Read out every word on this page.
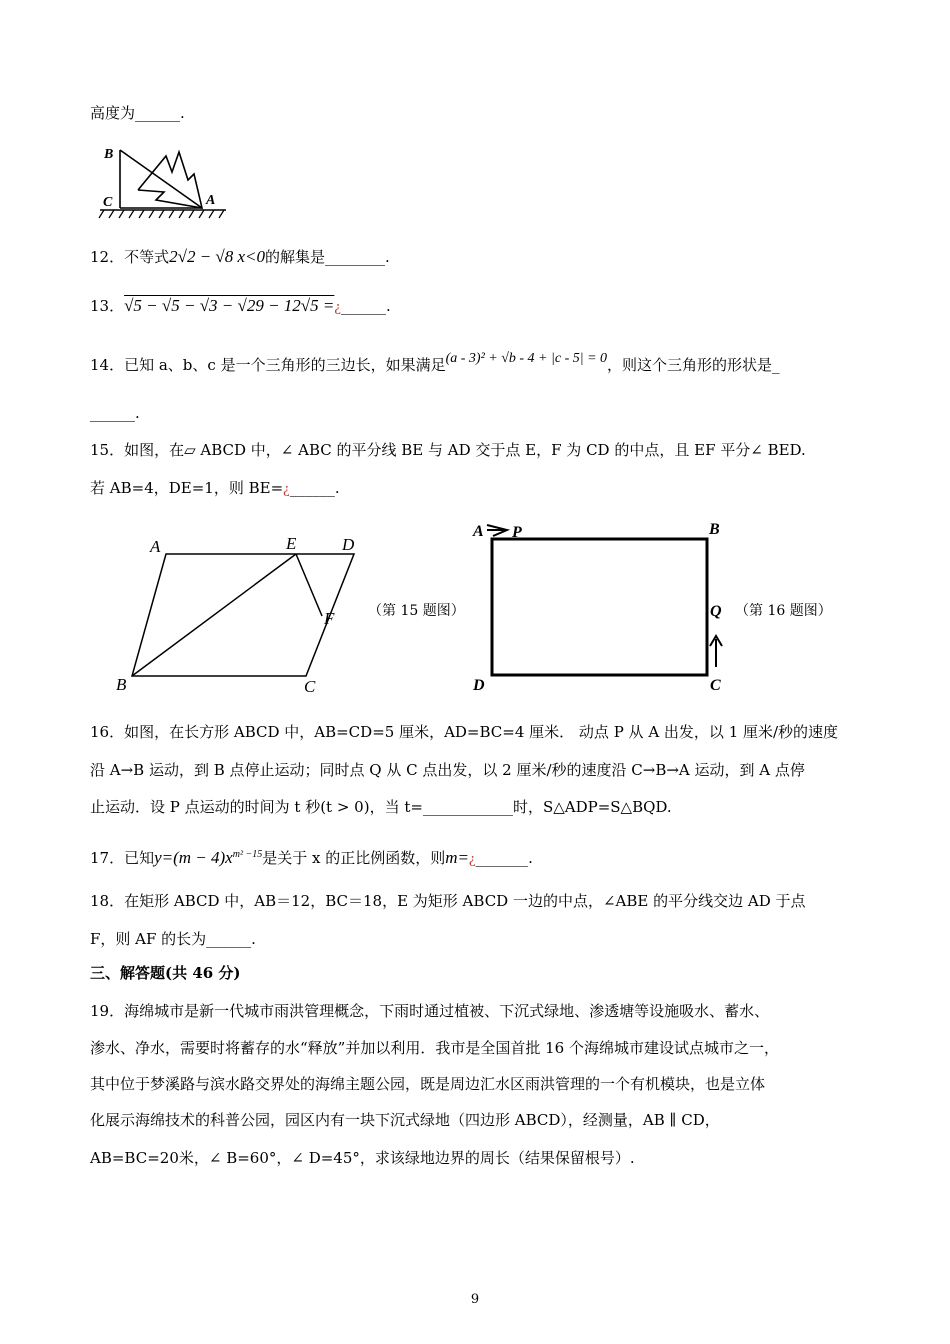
高度为______.
B
C	A
12．不等式2√2 − √8 x<0的解集是________.
13．√5 − √5 − √3 − √29 − 12√5 =¿______.
14．已知 a、b、c 是一个三角形的三边长，如果满足(a - 3)² + √b - 4 + |c - 5| = 0，则这个三角形的形状是_
______.
15．如图，在▱ ABCD 中，∠ ABC 的平分线 BE 与 AD 交于点 E，F 为 CD 的中点，且 EF 平分∠ BED.
若 AB=4，DE=1，则 BE=¿______.
A	E	D
F
B	C
（第 15 题图）
A P	B
Q
D	C
（第 16 题图）
16．如图，在长方形 ABCD 中，AB=CD=5 厘米，AD=BC=4 厘米． 动点 P 从 A 出发，以 1 厘米/秒的速度
沿 A→B 运动，到 B 点停止运动；同时点 Q 从 C 点出发，以 2 厘米/秒的速度沿 C→B→A 运动，到 A 点停
止运动．设 P 点运动的时间为 t 秒(t > 0)，当 t=____________时，S△ADP=S△BQD.
17．已知$y=(m - 4)x^{m^2 -15}$是关于 x 的正比例函数，则m=¿_______.
18．在矩形 ABCD 中，AB＝12，BC＝18，E 为矩形 ABCD 一边的中点，∠ABE 的平分线交边 AD 于点
F，则 AF 的长为______.
三、解答题(共 46 分)
19．海绵城市是新一代城市雨洪管理概念，下雨时通过植被、下沉式绿地、渗透塘等设施吸水、蓄水、
渗水、净水，需要时将蓄存的水“释放”并加以利用．我市是全国首批 16 个海绵城市建设试点城市之一，
其中位于梦溪路与滨水路交界处的海绵主题公园，既是周边汇水区雨洪管理的一个有机模块，也是立体
化展示海绵技术的科普公园，园区内有一块下沉式绿地（四边形 ABCD），经测量，AB ∥ CD，
AB=BC=20米，∠ B=60°，∠ D=45°，求该绿地边界的周长（结果保留根号）.
9
